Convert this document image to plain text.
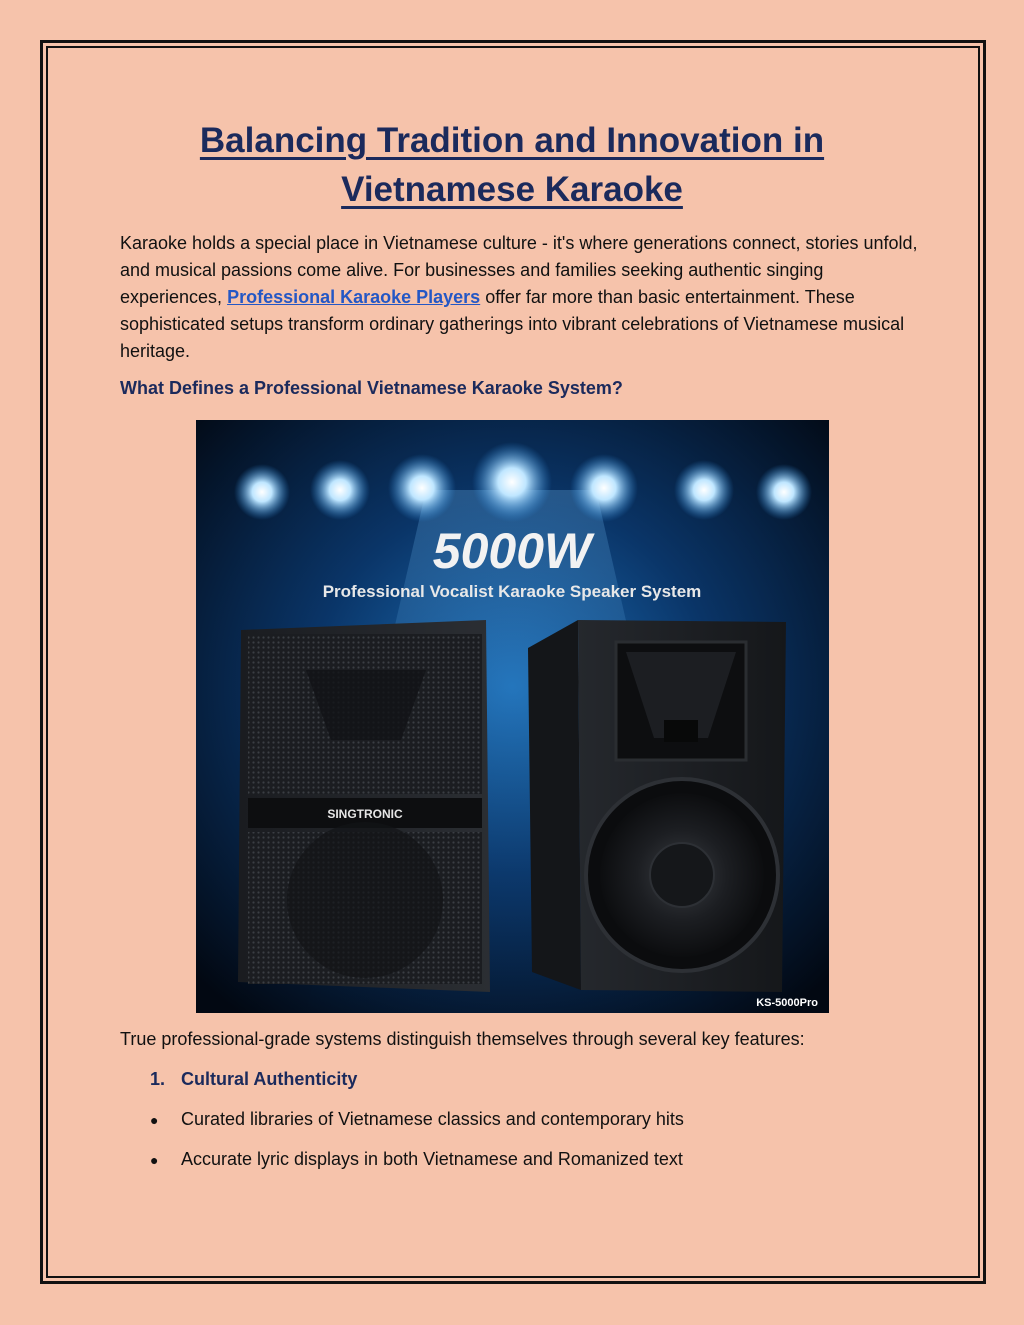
Balancing Tradition and Innovation in Vietnamese Karaoke

Karaoke holds a special place in Vietnamese culture - it's where generations connect, stories unfold, and musical passions come alive. For businesses and families seeking authentic singing experiences, Professional Karaoke Players offer far more than basic entertainment. These sophisticated setups transform ordinary gatherings into vibrant celebrations of Vietnamese musical heritage.

What Defines a Professional Vietnamese Karaoke System?
5000W
Professional Vocalist Karaoke Speaker System
SINGTRONIC
KS-5000Pro

True professional-grade systems distinguish themselves through several key features:

1. Cultural Authenticity

● Curated libraries of Vietnamese classics and contemporary hits

● Accurate lyric displays in both Vietnamese and Romanized text
